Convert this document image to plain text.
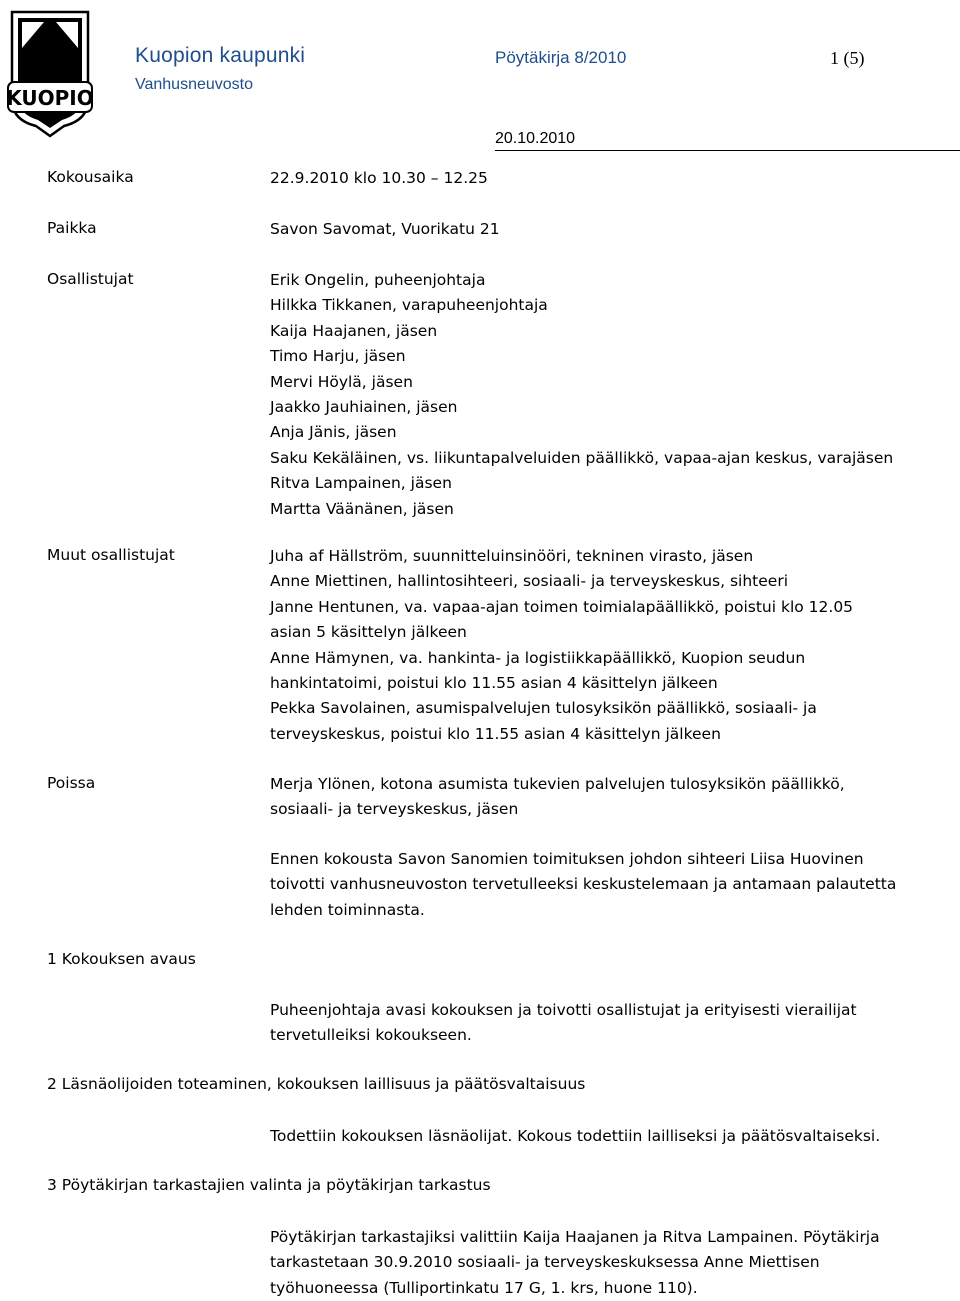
KUOPIO
Kuopion kaupunki
Vanhusneuvosto
Pöytäkirja 8/2010	1 (5)
20.10.2010
Kokousaika	22.9.2010 klo 10.30 – 12.25
Paikka	Savon Savomat, Vuorikatu 21
Osallistujat	Erik Ongelin, puheenjohtaja
Hilkka Tikkanen, varapuheenjohtaja
Kaija Haajanen, jäsen
Timo Harju, jäsen
Mervi Höylä, jäsen
Jaakko Jauhiainen, jäsen
Anja Jänis, jäsen
Saku Kekäläinen, vs. liikuntapalveluiden päällikkö, vapaa-ajan keskus, varajäsen
Ritva Lampainen, jäsen
Martta Väänänen, jäsen
Muut osallistujat	Juha af Hällström, suunnitteluinsinööri, tekninen virasto, jäsen
Anne Miettinen, hallintosihteeri, sosiaali- ja terveyskeskus, sihteeri
Janne Hentunen, va. vapaa-ajan toimen toimialapäällikkö, poistui klo 12.05
asian 5 käsittelyn jälkeen
Anne Hämynen, va. hankinta- ja logistiikkapäällikkö, Kuopion seudun
hankintatoimi, poistui klo 11.55 asian 4 käsittelyn jälkeen
Pekka Savolainen, asumispalvelujen tulosyksikön päällikkö, sosiaali- ja
terveyskeskus, poistui klo 11.55 asian 4 käsittelyn jälkeen
Poissa	Merja Ylönen, kotona asumista tukevien palvelujen tulosyksikön päällikkö,
sosiaali- ja terveyskeskus, jäsen
Ennen kokousta Savon Sanomien toimituksen johdon sihteeri Liisa Huovinen
toivotti vanhusneuvoston tervetulleeksi keskustelemaan ja antamaan palautetta
lehden toiminnasta.
1 Kokouksen avaus
Puheenjohtaja avasi kokouksen ja toivotti osallistujat ja erityisesti vierailijat
tervetulleiksi kokoukseen.
2 Läsnäolijoiden toteaminen, kokouksen laillisuus ja päätösvaltaisuus
Todettiin kokouksen läsnäolijat. Kokous todettiin lailliseksi ja päätösvaltaiseksi.
3 Pöytäkirjan tarkastajien valinta ja pöytäkirjan tarkastus
Pöytäkirjan tarkastajiksi valittiin Kaija Haajanen ja Ritva Lampainen. Pöytäkirja
tarkastetaan 30.9.2010 sosiaali- ja terveyskeskuksessa Anne Miettisen
työhuoneessa (Tulliportinkatu 17 G, 1. krs, huone 110).
